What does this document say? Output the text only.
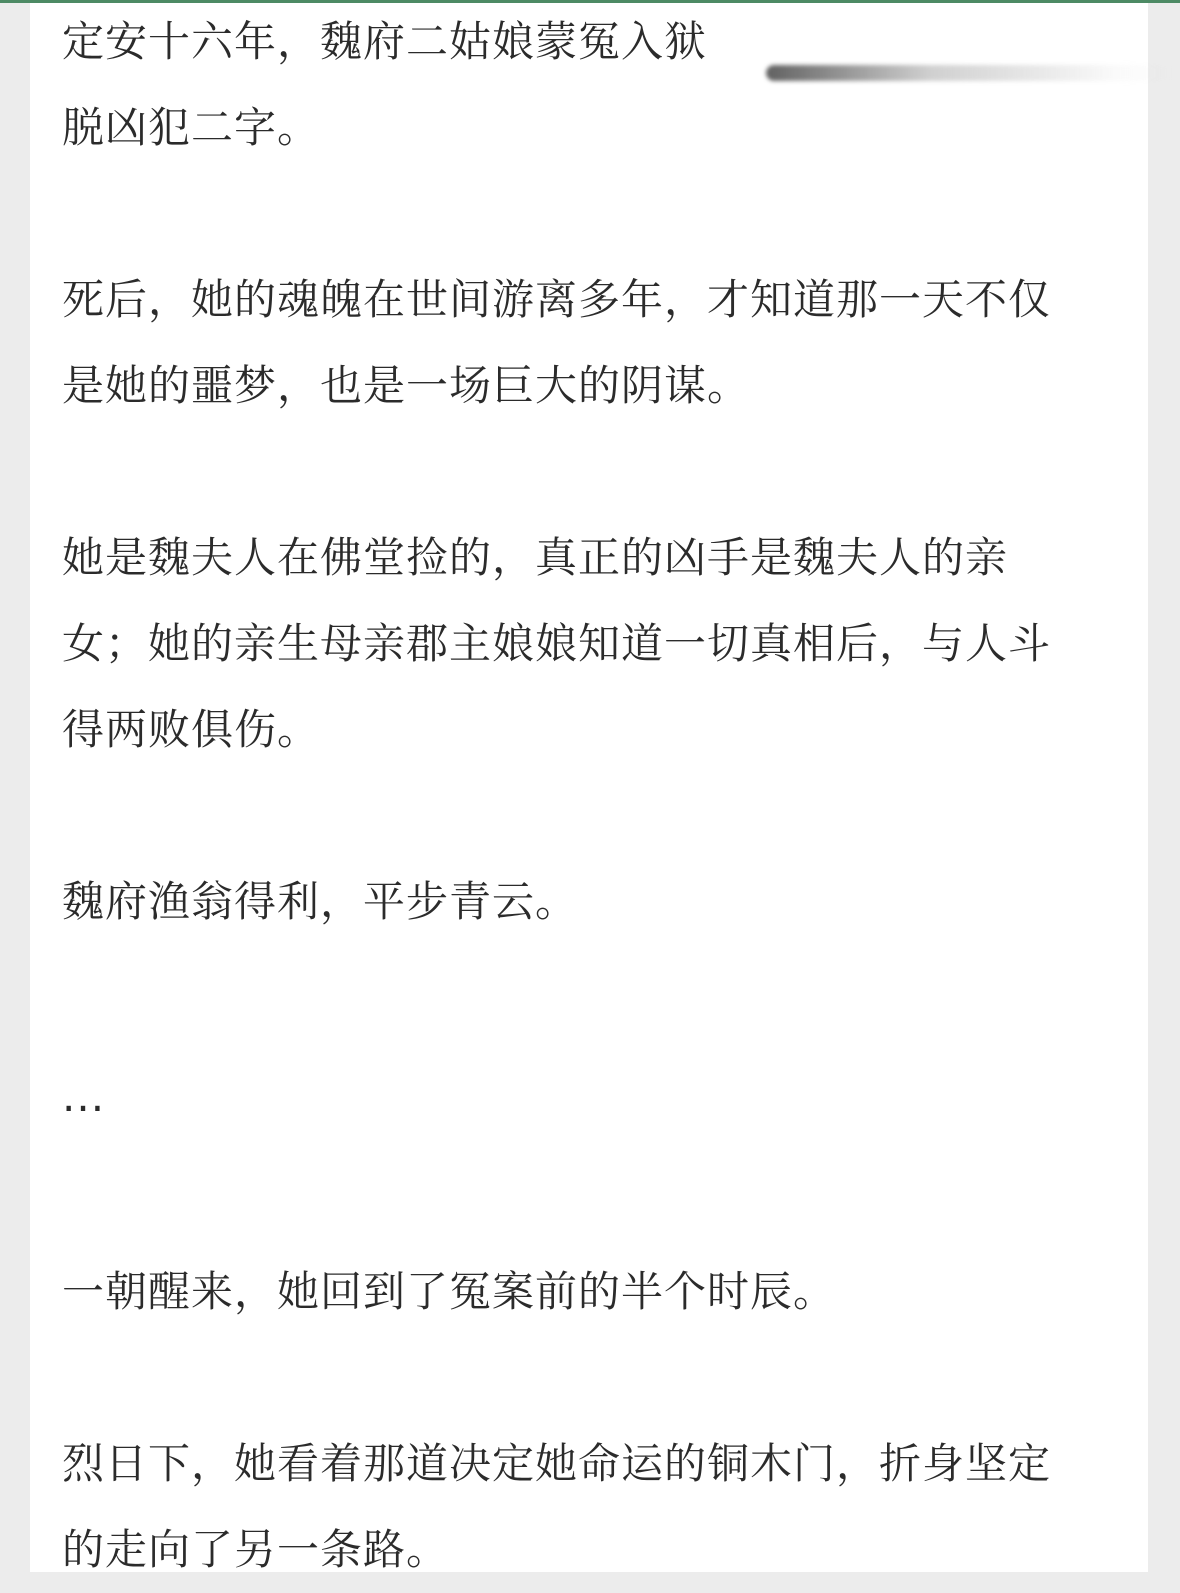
定安十六年，魏府二姑娘蒙冤入狱
脱凶犯二字。

死后，她的魂魄在世间游离多年，才知道那一天不仅
是她的噩梦，也是一场巨大的阴谋。

她是魏夫人在佛堂捡的，真正的凶手是魏夫人的亲
女；她的亲生母亲郡主娘娘知道一切真相后，与人斗
得两败俱伤。

魏府渔翁得利，平步青云。

...

一朝醒来，她回到了冤案前的半个时辰。

烈日下，她看着那道决定她命运的铜木门，折身坚定
的走向了另一条路。
